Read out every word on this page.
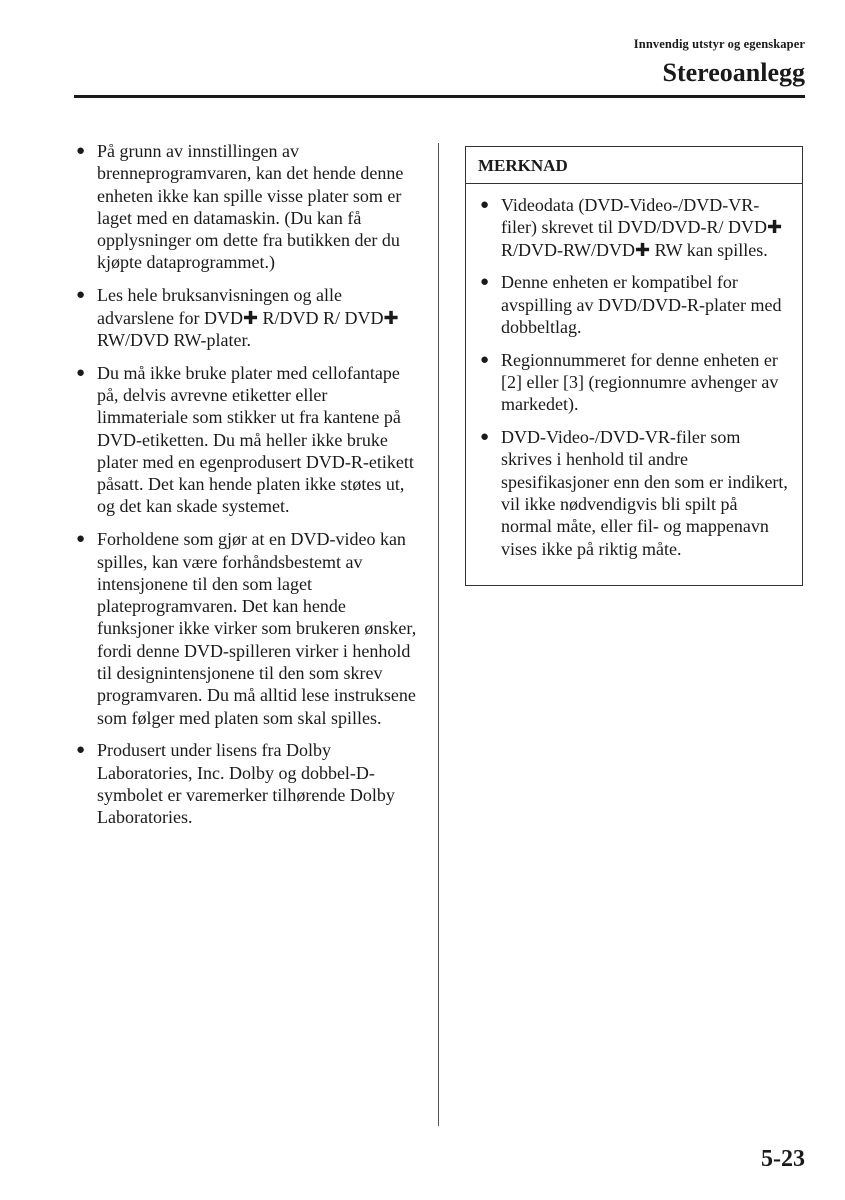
Innvendig utstyr og egenskaper
Stereoanlegg
● På grunn av innstillingen av brenneprogramvaren, kan det hende denne enheten ikke kan spille visse plater som er laget med en datamaskin. (Du kan få opplysninger om dette fra butikken der du kjøpte dataprogrammet.)
● Les hele bruksanvisningen og alle advarslene for DVD✚ R/DVD R/ DVD✚ RW/DVD RW-plater.
● Du må ikke bruke plater med cellofantape på, delvis avrevne etiketter eller limmateriale som stikker ut fra kantene på DVD-etiketten. Du må heller ikke bruke plater med en egenprodusert DVD-R-etikett påsatt. Det kan hende platen ikke støtes ut, og det kan skade systemet.
● Forholdene som gjør at en DVD-video kan spilles, kan være forhåndsbestemt av intensjonene til den som laget plateprogramvaren. Det kan hende funksjoner ikke virker som brukeren ønsker, fordi denne DVD-spilleren virker i henhold til designintensjonene til den som skrev programvaren. Du må alltid lese instruksene som følger med platen som skal spilles.
● Produsert under lisens fra Dolby Laboratories, Inc. Dolby og dobbel-D-symbolet er varemerker tilhørende Dolby Laboratories.
MERKNAD
● Videodata (DVD-Video-/DVD-VR-filer) skrevet til DVD/DVD-R/ DVD✚ R/DVD-RW/DVD✚ RW kan spilles.
● Denne enheten er kompatibel for avspilling av DVD/DVD-R-plater med dobbeltlag.
● Regionnummeret for denne enheten er [2] eller [3] (regionnumre avhenger av markedet).
● DVD-Video-/DVD-VR-filer som skrives i henhold til andre spesifikasjoner enn den som er indikert, vil ikke nødvendigvis bli spilt på normal måte, eller fil- og mappenavn vises ikke på riktig måte.
5-23
